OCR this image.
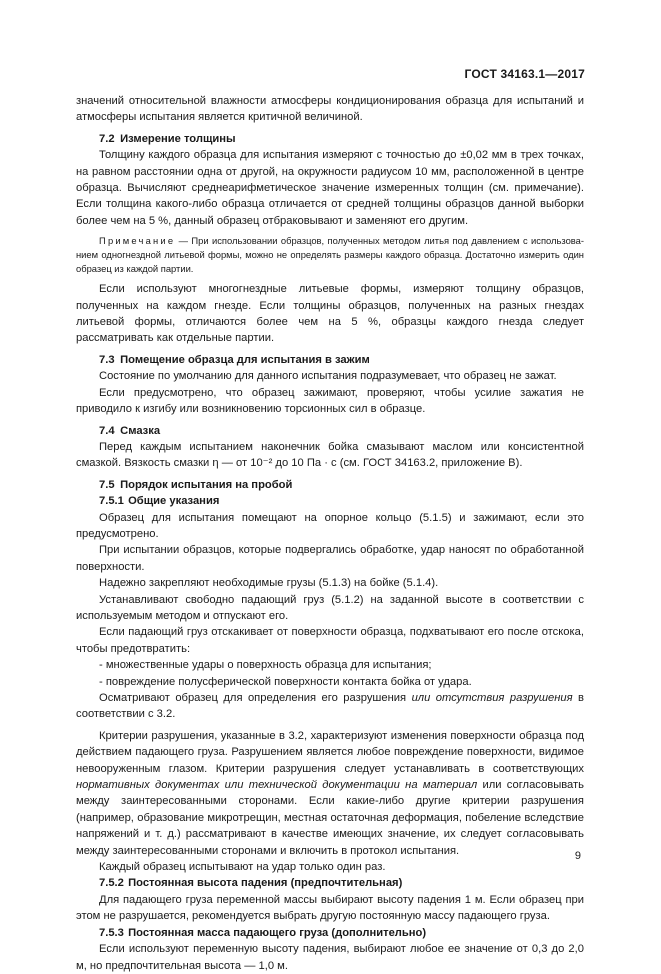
ГОСТ 34163.1—2017

значений относительной влажности атмосферы кондиционирования образца для испытаний и атмосферы испытания является критичной величиной.

7.2 Измерение толщины

Толщину каждого образца для испытания измеряют с точностью до ±0,02 мм в трех точках, на равном расстоянии одна от другой, на окружности радиусом 10 мм, расположенной в центре образца. Вычисляют среднеарифметическое значение измеренных толщин (см. примечание). Если толщина какого-либо образца отличается от средней толщины образцов данной выборки более чем на 5 %, данный образец отбраковывают и заменяют его другим.

Примечание — При использовании образцов, полученных методом литья под давлением с использованием одногнездной литьевой формы, можно не определять размеры каждого образца. Достаточно измерить один образец из каждой партии.

Если используют многогнездные литьевые формы, измеряют толщину образцов, полученных на каждом гнезде. Если толщины образцов, полученных на разных гнездах литьевой формы, отличаются более чем на 5 %, образцы каждого гнезда следует рассматривать как отдельные партии.

7.3 Помещение образца для испытания в зажим

Состояние по умолчанию для данного испытания подразумевает, что образец не зажат.

Если предусмотрено, что образец зажимают, проверяют, чтобы усилие зажатия не приводило к изгибу или возникновению торсионных сил в образце.

7.4 Смазка

Перед каждым испытанием наконечник бойка смазывают маслом или консистентной смазкой. Вязкость смазки η — от 10⁻² до 10 Па · с (см. ГОСТ 34163.2, приложение В).

7.5 Порядок испытания на пробой
7.5.1 Общие указания

Образец для испытания помещают на опорное кольцо (5.1.5) и зажимают, если это предусмотрено.

При испытании образцов, которые подвергались обработке, удар наносят по обработанной поверхности.

Надежно закрепляют необходимые грузы (5.1.3) на бойке (5.1.4).

Устанавливают свободно падающий груз (5.1.2) на заданной высоте в соответствии с используемым методом и отпускают его.

Если падающий груз отскакивает от поверхности образца, подхватывают его после отскока, чтобы предотвратить:

- множественные удары о поверхность образца для испытания;

- повреждение полусферической поверхности контакта бойка от удара.

Осматривают образец для определения его разрушения или отсутствия разрушения в соответствии с 3.2.

Критерии разрушения, указанные в 3.2, характеризуют изменения поверхности образца под действием падающего груза. Разрушением является любое повреждение поверхности, видимое невооруженным глазом. Критерии разрушения следует устанавливать в соответствующих нормативных документах или технической документации на материал или согласовывать между заинтересованными сторонами. Если какие-либо другие критерии разрушения (например, образование микротрещин, местная остаточная деформация, побеление вследствие напряжений и т. д.) рассматривают в качестве имеющих значение, их следует согласовывать между заинтересованными сторонами и включить в протокол испытания.

Каждый образец испытывают на удар только один раз.

7.5.2 Постоянная высота падения (предпочтительная)

Для падающего груза переменной массы выбирают высоту падения 1 м. Если образец при этом не разрушается, рекомендуется выбрать другую постоянную массу падающего груза.

7.5.3 Постоянная масса падающего груза (дополнительно)

Если используют переменную высоту падения, выбирают любое ее значение от 0,3 до 2,0 м, но предпочтительная высота — 1,0 м.

9
